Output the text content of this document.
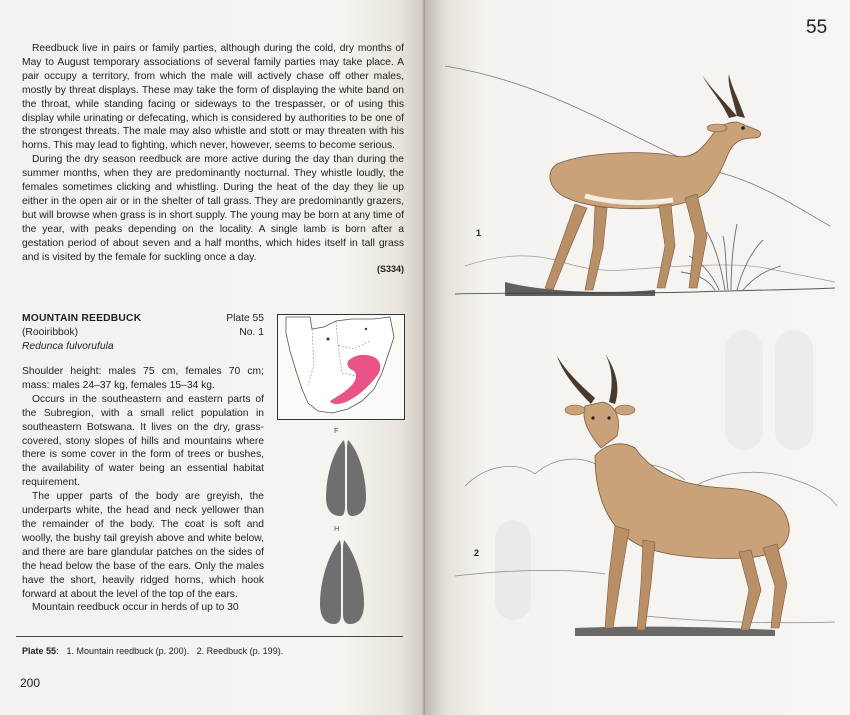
Reedbuck live in pairs or family parties, although during the cold, dry months of May to August temporary associations of several family parties may take place. A pair occupy a territory, from which the male will actively chase off other males, mostly by threat displays. These may take the form of displaying the white band on the throat, while standing facing or sideways to the trespasser, or of using this display while urinating or defecating, which is considered by authorities to be one of the strongest threats. The male may also whistle and stott or may threaten with his horns. This may lead to fighting, which never, however, seems to become serious.

During the dry season reedbuck are more active during the day than during the summer months, when they are predominantly nocturnal. They whistle loudly, the females sometimes clicking and whistling. During the heat of the day they lie up either in the open air or in the shelter of tall grass. They are predominantly grazers, but will browse when grass is in short supply. The young may be born at any time of the year, with peaks depending on the locality. A single lamb is born after a gestation period of about seven and a half months, which hides itself in tall grass and is visited by the female for suckling once a day.

(S334)
MOUNTAIN REEDBUCK
(Rooiribbok)
Redunca fulvorufula
Plate 55
No. 1
F
H

Shoulder height: males 75 cm, females 70 cm; mass: males 24–37 kg, females 15–34 kg.

Occurs in the southeastern and eastern parts of the Subregion, with a small relict population in southeastern Botswana. It lives on the dry, grass-covered, stony slopes of hills and mountains where there is some cover in the form of trees or bushes, the availability of water being an essential habitat requirement.

The upper parts of the body are greyish, the underparts white, the head and neck yellower than the remainder of the body. The coat is soft and woolly, the bushy tail greyish above and white below, and there are bare glandular patches on the sides of the head below the base of the ears. Only the males have the short, heavily ridged horns, which hook forward at about the level of the top of the ears.

Mountain reedbuck occur in herds of up to 30

Plate 55: 1. Mountain reedbuck (p. 200). 2. Reedbuck (p. 199).
200
55
1
2
